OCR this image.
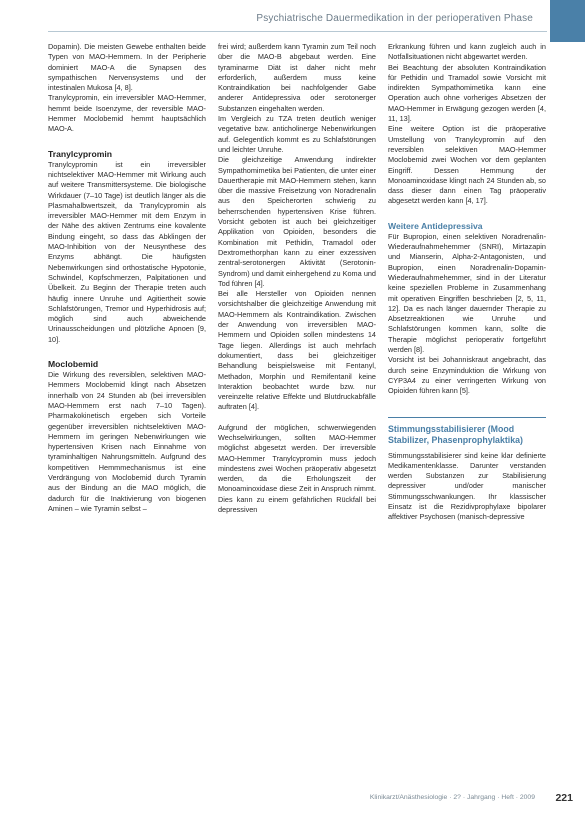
Psychiatrische Dauermedikation in der perioperativen Phase

Dopamin). Die meisten Gewebe enthalten beide Typen von MAO-Hemmern. In der Peripherie dominiert MAO-A die Synapsen des sympathischen Nervensystems und der intestinalen Mukosa [4, 8].

Tranylcypromin, ein irreversibler MAO-Hemmer, hemmt beide Isoenzyme, der reversible MAO-Hemmer Moclobemid hemmt hauptsächlich MAO-A.

Tranylcypromin

Tranylcypromin ist ein irreversibler nichtselektiver MAO-Hemmer mit Wirkung auch auf weitere Transmittersysteme. Die biologische Wirkdauer (7–10 Tage) ist deutlich länger als die Plasmahalbwertszeit, da Tranylcypromin als irreversibler MAO-Hemmer mit dem Enzym in der Nähe des aktiven Zentrums eine kovalente Bindung eingeht, so dass das Abklingen der MAO-Inhibition von der Neusynthese des Enzyms abhängt. Die häufigsten Nebenwirkungen sind orthostatische Hypotonie, Schwindel, Kopfschmerzen, Palpitationen und Übelkeit. Zu Beginn der Therapie treten auch häufig innere Unruhe und Agitiertheit sowie Schlafstörungen, Tremor und Hyperhidrosis auf; möglich sind auch abweichende Urinausscheidungen und plötzliche Apnoen [9, 10].

Moclobemid

Die Wirkung des reversiblen, selektiven MAO-Hemmers Moclobemid klingt nach Absetzen innerhalb von 24 Stunden ab (bei irreversiblen MAO-Hemmern erst nach 7–10 Tagen). Pharmakokinetisch ergeben sich Vorteile gegenüber irreversiblen nichtselektiven MAO-Hemmern im geringen Nebenwirkungen wie hypertensiven Krisen nach Einnahme von tyraminhaltigen Nahrungsmitteln. Aufgrund des kompetitiven Hemmmechanismus ist eine Verdrängung von Moclobemid durch Tyramin aus der Bindung an die MAO möglich, die dadurch für die Inaktivierung von biogenen Aminen – wie Tyramin selbst –

frei wird; außerdem kann Tyramin zum Teil noch über die MAO-B abgebaut werden. Eine tyraminarme Diät ist daher nicht mehr erforderlich, außerdem muss keine Kontraindikation bei nachfolgender Gabe anderer Antidepressiva oder serotonerger Substanzen eingehalten werden.

Im Vergleich zu TZA treten deutlich weniger vegetative bzw. anticholinerge Nebenwirkungen auf. Gelegentlich kommt es zu Schlafstörungen und leichter Unruhe.

Die gleichzeitige Anwendung indirekter Sympathomimetika bei Patienten, die unter einer Dauertherapie mit MAO-Hemmern stehen, kann über die massive Freisetzung von Noradrenalin aus den Speicherorten schwierig zu beherrschenden hypertensiven Krise führen. Vorsicht geboten ist auch bei gleichzeitiger Applikation von Opioiden, besonders die Kombination mit Pethidin, Tramadol oder Dextromethorphan kann zu einer exzessiven zentral-serotonergen Aktivität (Serotonin-Syndrom) und damit einhergehend zu Koma und Tod führen [4].

Bei alle Hersteller von Opioiden nennen vorsichtshalber die gleichzeitige Anwendung mit MAO-Hemmern als Kontraindikation. Zwischen der Anwendung von irreversiblen MAO-Hemmern und Opioiden sollen mindestens 14 Tage liegen. Allerdings ist auch mehrfach dokumentiert, dass bei gleichzeitiger Behandlung beispielsweise mit Fentanyl, Methadon, Morphin und Remifentanil keine Interaktion beobachtet wurde bzw. nur vereinzelte relative Effekte und Blutdruckabfälle auftraten [4].

Aufgrund der möglichen, schwerwiegenden Wechselwirkungen, sollten MAO-Hemmer möglichst abgesetzt werden. Der irreversible MAO-Hemmer Tranylcypromin muss jedoch mindestens zwei Wochen präoperativ abgesetzt werden, da die Erholungszeit der Monoaminoxidase diese Zeit in Anspruch nimmt. Dies kann zu einem gefährlichen Rückfall bei depressiven

Erkrankung führen und kann zugleich auch in Notfallsituationen nicht abgewartet werden.

Bei Beachtung der absoluten Kontraindikation für Pethidin und Tramadol sowie Vorsicht mit indirekten Sympathomimetika kann eine Operation auch ohne vorheriges Absetzen der MAO-Hemmer in Erwägung gezogen werden [4, 11, 13].

Eine weitere Option ist die präoperative Umstellung von Tranylcypromin auf den reversiblen selektiven MAO-Hemmer Moclobemid zwei Wochen vor dem geplanten Eingriff. Dessen Hemmung der Monoaminoxidase klingt nach 24 Stunden ab, so dass dieser dann einen Tag präoperativ abgesetzt werden kann [4, 17].

Weitere Antidepressiva

Für Bupropion, einen selektiven Noradrenalin-Wiederaufnahmehemmer (SNRI), Mirtazapin und Mianserin, Alpha-2-Antagonisten, und Bupropion, einen Noradrenalin-Dopamin-Wiederaufnahmehemmer, sind in der Literatur keine speziellen Probleme in Zusammenhang mit operativen Eingriffen beschrieben [2, 5, 11, 12]. Da es nach länger dauernder Therapie zu Absetzreaktionen wie Unruhe und Schlafstörungen kommen kann, sollte die Therapie möglichst perioperativ fortgeführt werden [8].

Vorsicht ist bei Johanniskraut angebracht, das durch seine Enzyminduktion die Wirkung von CYP3A4 zu einer verringerten Wirkung von Opioiden führen kann [5].

Stimmungsstabilisierer (Mood Stabilizer, Phasenprophylaktika)

Stimmungsstabilisierer sind keine klar definierte Medikamentenklasse. Darunter verstanden werden Substanzen zur Stabilisierung depressiver und/oder manischer Stimmungsschwankungen. Ihr klassischer Einsatz ist die Rezidivprophylaxe bipolarer affektiver Psychosen (manisch-depressive

Klinikarzt/Anästhesiologie · 2? · Jahrgang · Heft · 2009 221
